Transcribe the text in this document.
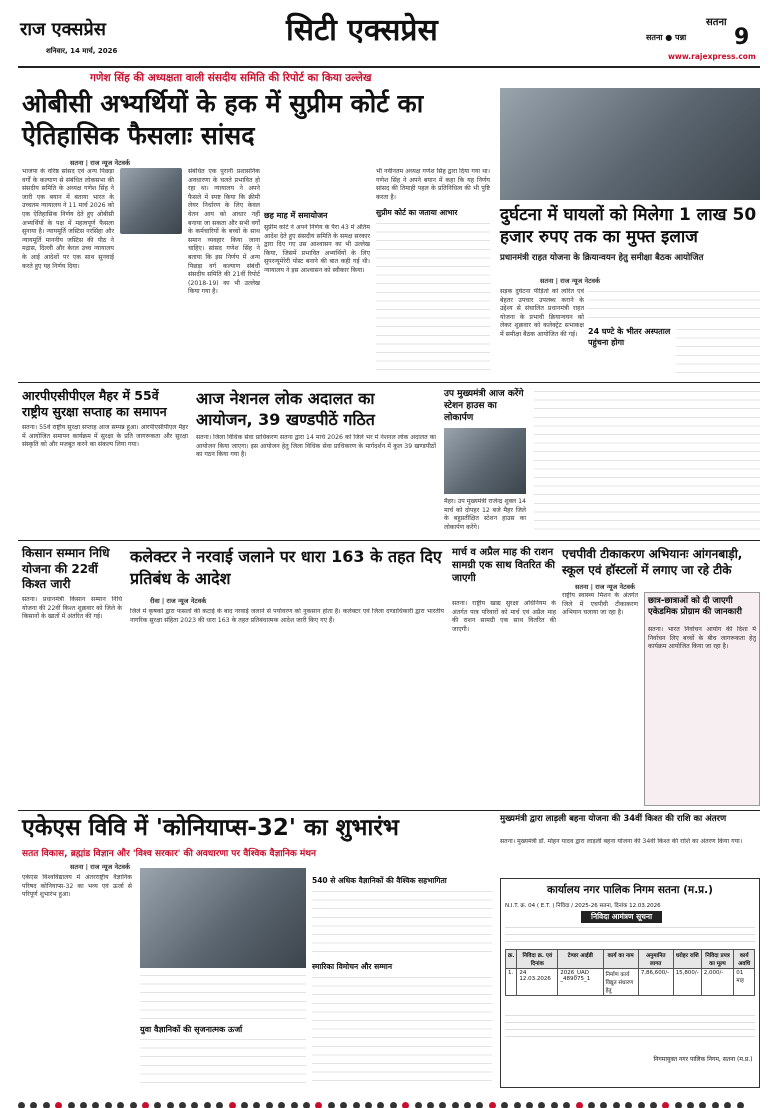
राज एक्सप्रेस
शनिवार, 14 मार्च, 2026
सिटी एक्सप्रेस	सतना
सतना ● पन्ना 9
www.rajexpress.com
गणेश सिंह की अध्यक्षता वाली संसदीय समिति की रिपोर्ट का किया उल्लेख
ओबीसी अभ्यर्थियों के हक में सुप्रीम कोर्ट का ऐतिहासिक फैसलाः सांसद
सतना | राज न्यूज नेटवर्क
भाजपा के वरिष्ठ सांसद एवं अन्य पिछड़ा वर्गों के कल्याण से संबंधित लोकसभा की संसदीय समिति के अध्यक्ष गणेश सिंह ने जारी एक बयान में बताया भारत के उच्चतम न्यायालय ने 11 मार्च 2026 को एक ऐतिहासिक निर्णय देते हुए ओबीसी अभ्यर्थियों के पक्ष में महत्वपूर्ण फैसला सुनाया है। न्यायमूर्ति जस्टिस नरसिंहा और न्यायमूर्ति माननीय जस्टिस की पीठ ने मद्रास, दिल्ली और केरल उच्च न्यायालय के आई आदेशों पर एक साथ सुनवाई करते हुए यह निर्णय दिया।
संबंधित एक पुरानी प्रशासनिक अवधारणा के चलते प्रभावित हो रहा था। न्यायालय ने अपने फैसले में स्पष्ट किया कि क्रीमी लेयर निर्धारण के लिए केवल वेतन आय को आधार नहीं बनाया जा सकता और सभी वर्गों के कर्मचारियों के बच्चों के साथ समान व्यवहार किया जाना चाहिए। सांसद गणेश सिंह ने बताया कि इस निर्णय में अन्य पिछड़ा वर्ग कल्याण संबंधी संसदीय समिति की 21वीं रिपोर्ट (2018-19) का भी उल्लेख किया गया है।
छह माह में समायोजन
सुप्रीम कोर्ट ने अपने निर्णय के पैरा 43 में अंतिम आदेश देते हुए संसदीय समिति के समक्ष सरकार द्वारा दिए गए उस आश्वासन का भी उल्लेख किया, जिसमें प्रभावित अभ्यर्थियों के लिए सुपरन्यूमेरेरी पोस्ट बनाने की बात कही गई थी। न्यायालय ने इस आश्वासन को स्वीकार किया।
सुप्रीम कोर्ट का जताया आभार
भी नवीनतम अध्यक्ष गणेश सिंह द्वारा दिया गया था। गणेश सिंह ने अपने बयान में कहा कि यह निर्णय सांसद की तिमाही पहल के प्रतिनिधित्व की भी पुष्टि करता है।
दुर्घटना में घायलों को मिलेगा 1 लाख 50 हजार रुपए तक का मुफ्त इलाज
प्रधानमंत्री राहत योजना के क्रियान्वयन हेतु समीक्षा बैठक आयोजित
सतना | राज न्यूज नेटवर्क
सड़क दुर्घटना पीड़ितों को त्वरित एवं बेहतर उपचार उपलब्ध कराने के उद्देश्य से संचालित प्रधानमंत्री राहत योजना के प्रभावी क्रियान्वयन को लेकर शुक्रवार को कलेक्ट्रेट सभाकक्ष में समीक्षा बैठक आयोजित की गई।	24 घण्टे के भीतर अस्पताल पहुंचना होगा
आरपीएसीपीएल मैहर में 55वें राष्ट्रीय सुरक्षा सप्ताह का समापन
सतना। 55वें राष्ट्रीय सुरक्षा सप्ताह आज सम्पन्न हुआ। आरपीएसीपीएल मैहर में आयोजित समापन कार्यक्रम में सुरक्षा के प्रति जागरूकता और सुरक्षा संस्कृति को और मजबूत करने का संकल्प लिया गया।
आज नेशनल लोक अदालत का आयोजन, 39 खण्डपीठें गठित
सतना। जिला विधिक सेवा प्राधिकरण सतना द्वारा 14 मार्च 2026 को जिले भर में नेशनल लोक अदालत का आयोजन किया जाएगा। इस आयोजन हेतु जिला विधिक सेवा प्राधिकरण के मार्गदर्शन में कुल 39 खण्डपीठों का गठन किया गया है।
उप मुख्यमंत्री आज करेंगे स्टेशन हाउस का लोकार्पण
मैहर। उप मुख्यमंत्री राजेन्द्र शुक्ल 14 मार्च को दोपहर 12 बजे मैहर जिले के बहुप्रतीक्षित स्टेशन हाउस का लोकार्पण करेंगे।
किसान सम्मान निधि योजना की 22वीं किश्त जारी
सतना। प्रधानमंत्री किसान सम्मान निधि योजना की 22वीं किश्त शुक्रवार को जिले के किसानों के खातों में अंतरित की गई।
कलेक्टर ने नरवाई जलाने पर धारा 163 के तहत दिए प्रतिबंध के आदेश
रीवा | राज न्यूज नेटवर्क
जिले में कृषकों द्वारा फसलों की कटाई के बाद नरवाई जलाने से पर्यावरण को नुकसान होता है। कलेक्टर एवं जिला दण्डाधिकारी द्वारा भारतीय नागरिक सुरक्षा संहिता 2023 की धारा 163 के तहत प्रतिबंधात्मक आदेश जारी किए गए हैं।
मार्च व अप्रैल माह की राशन सामग्री एक साथ वितरित की जाएगी
सतना। राष्ट्रीय खाद्य सुरक्षा अधिनियम के अंतर्गत पात्र परिवारों को मार्च एवं अप्रैल माह की राशन सामग्री एक साथ वितरित की जाएगी।
एचपीवी टीकाकरण अभियानः आंगनबाड़ी, स्कूल एवं हॉस्टलों में लगाए जा रहे टीके
सतना | राज न्यूज नेटवर्क
राष्ट्रीय स्वास्थ्य मिशन के अंतर्गत जिले में एचपीवी टीकाकरण अभियान चलाया जा रहा है।
छात्र-छात्राओं को दी जाएगी एकेडमिक प्रोग्राम की जानकारी
सतना। भारत निर्वाचन आयोग की दिशा में निर्वाचन लिए बच्चों के बीच जागरूकता हेतु कार्यक्रम आयोजित किया जा रहा है।
एकेएस विवि में 'कोनियाप्स-32' का शुभारंभ
सतत विकास, ब्रह्मांड विज्ञान और 'विश्व सरकार' की अवधारणा पर वैश्विक वैज्ञानिक मंथन
सतना | राज न्यूज नेटवर्क
एकेएस विश्वविद्यालय में अंतरराष्ट्रीय वैज्ञानिक परिषद कोनियाप्स-32 का भव्य एवं ऊर्जा से परिपूर्ण शुभारंभ हुआ।
युवा वैज्ञानिकों की सृजनात्मक ऊर्जा
540 से अधिक वैज्ञानिकों की वैश्विक सहभागिता
स्मारिका विमोचन और सम्मान
मुख्यमंत्री द्वारा लाड़ली बहना योजना की 34वीं किश्त की राशि का अंतरण
सतना। मुख्यमंत्री डॉ. मोहन यादव द्वारा लाड़ली बहना योजना की 34वीं किश्त की राशि का अंतरण किया गया।
कार्यालय नगर पालिक निगम सतना (म.प्र.)
N.I.T. क्र. 04 ( E.T. ) निविदा / 2025-26 सतना, दिनांक 12.03.2026
निविदा आमंत्रण सूचना
क्र.	निविदा क्र. एवं दिनांक	टेण्डर आईडी	कार्य का नाम	अनुमानित लागत	धरोहर राशि	निविदा प्रपत्र का मूल्य	कार्य अवधि
1.	24 12.03.2026	2026_UAD _489075_1	निर्माण कार्य विद्युत संधारण हेतु	7,86,600/-	15,800/-	2,000/-	01 माह
निगमायुक्त नगर पालिक निगम, सतना (म.प्र.)
